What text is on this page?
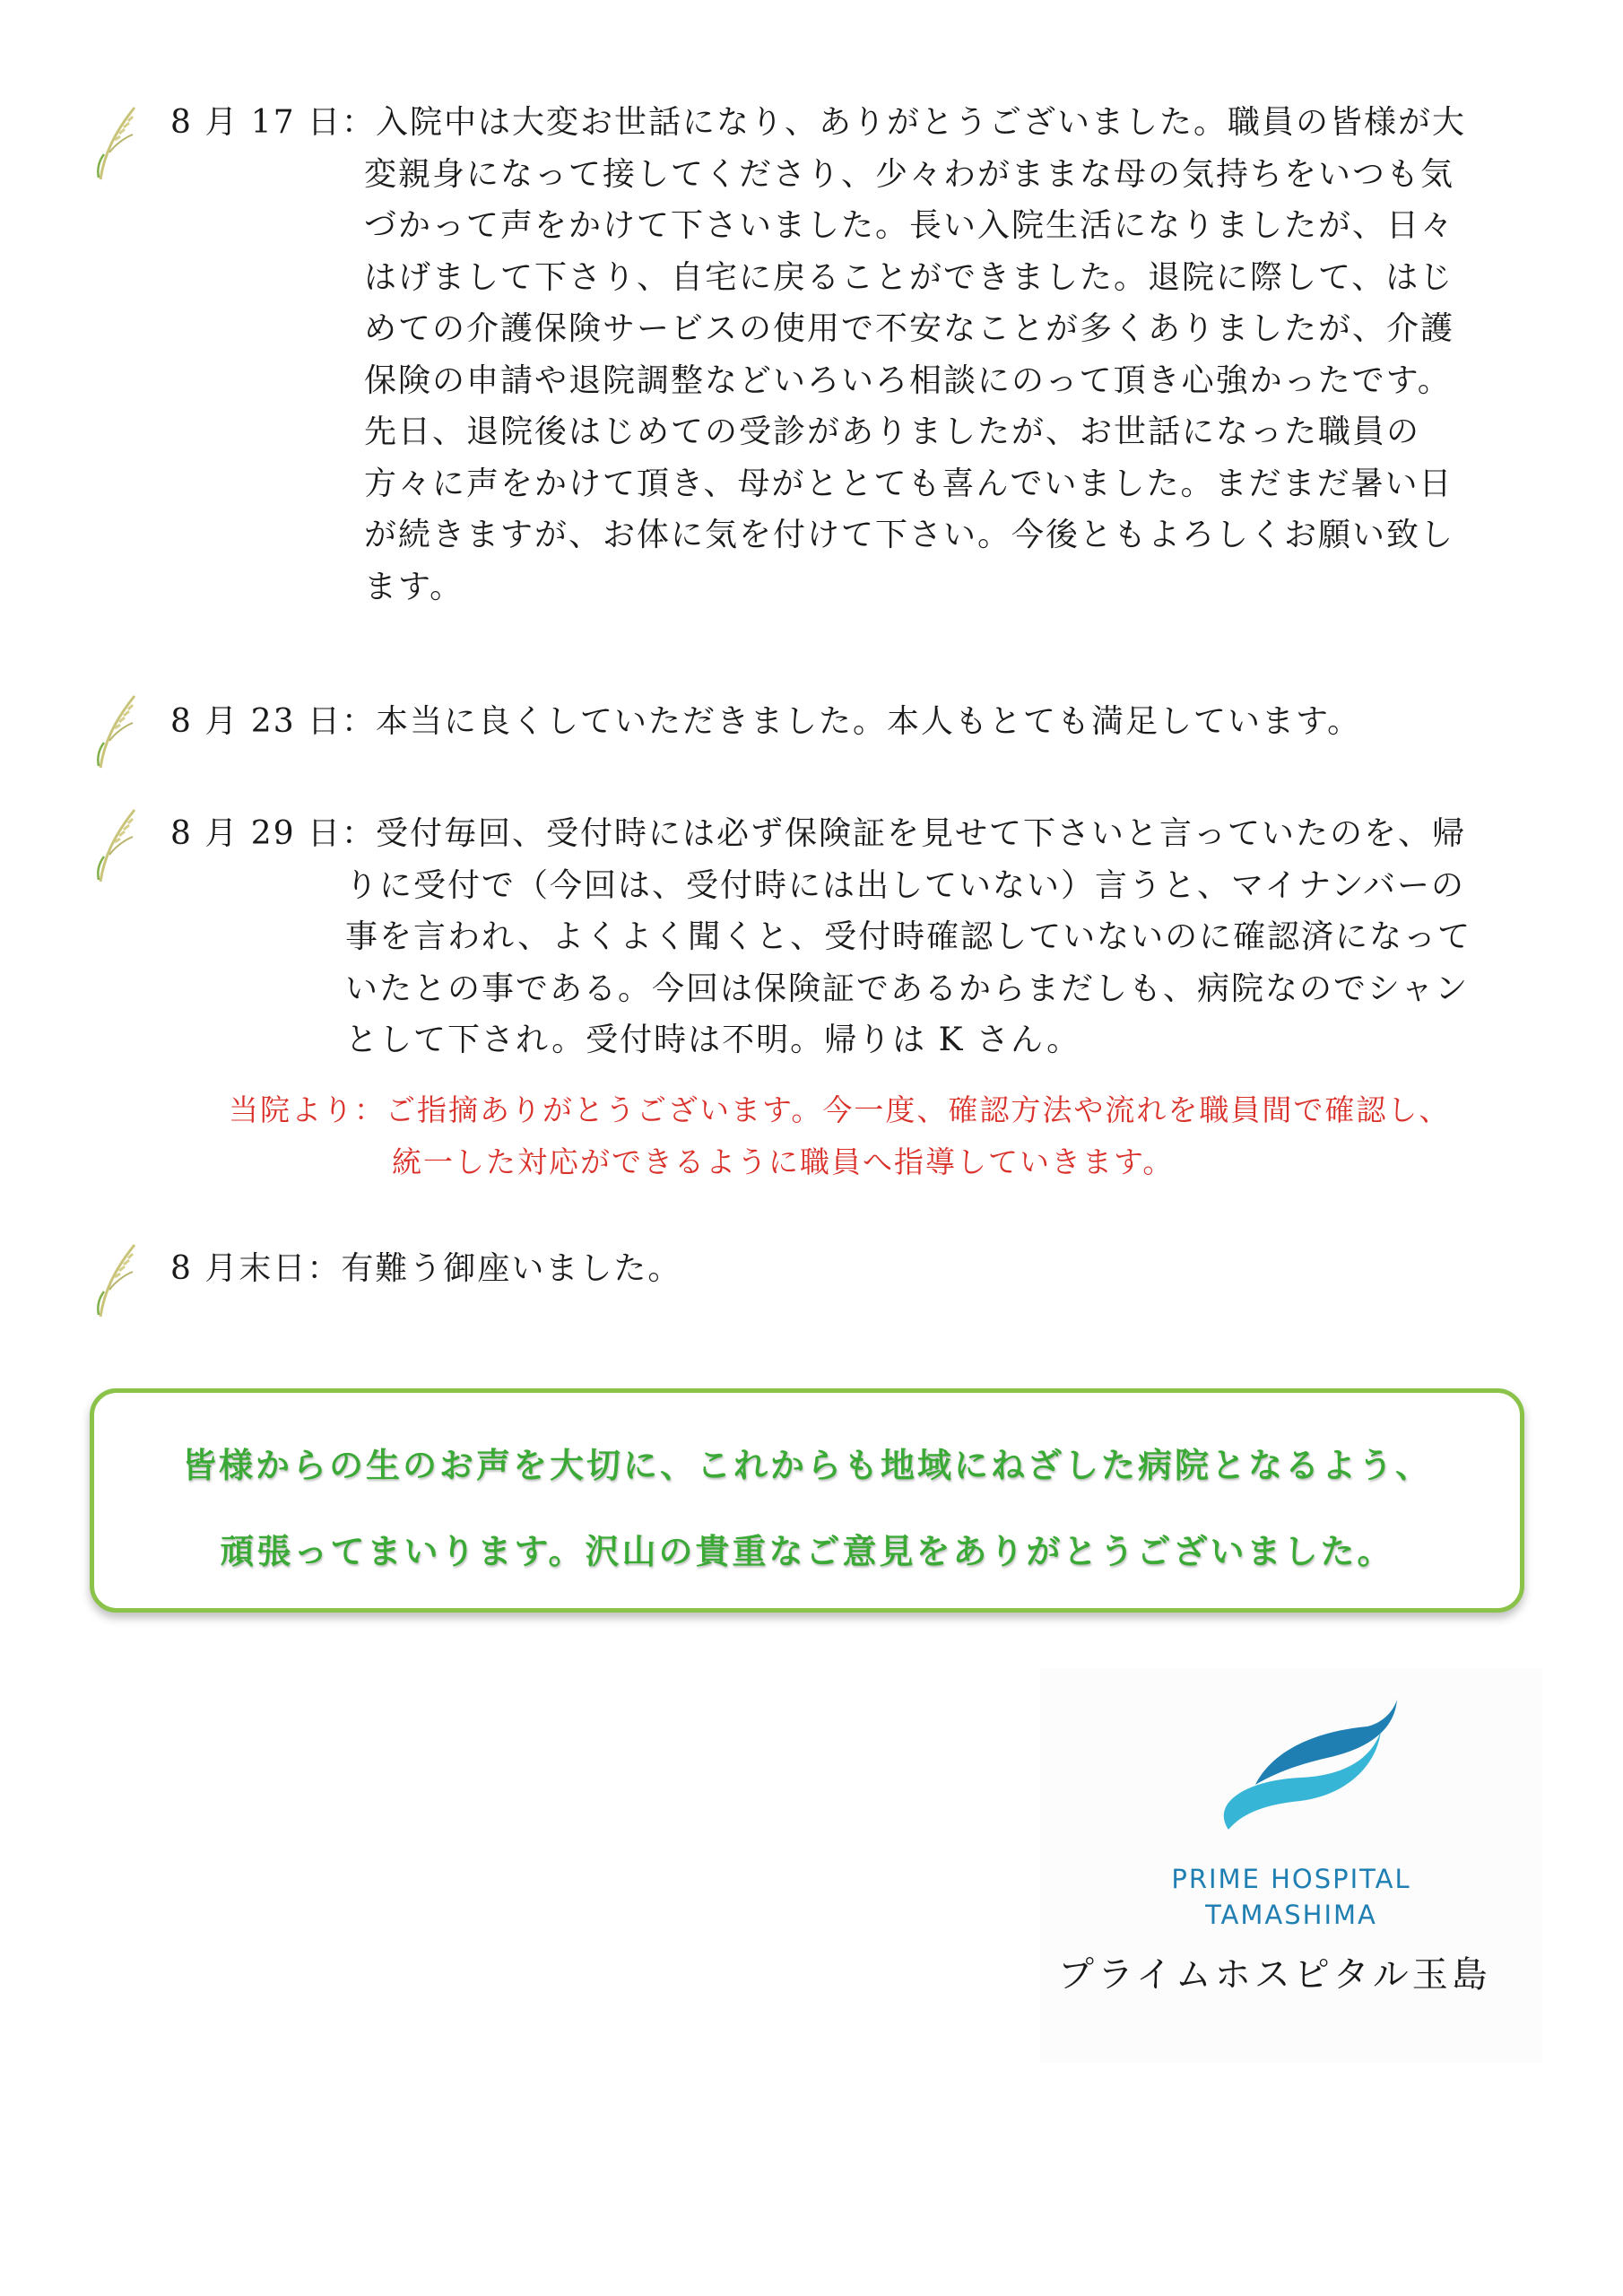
8 月 17 日：入院中は大変お世話になり、ありがとうございました。職員の皆様が大
変親身になって接してくださり、少々わがままな母の気持ちをいつも気
づかって声をかけて下さいました。長い入院生活になりましたが、日々
はげまして下さり、自宅に戻ることができました。退院に際して、はじ
めての介護保険サービスの使用で不安なことが多くありましたが、介護
保険の申請や退院調整などいろいろ相談にのって頂き心強かったです。
先日、退院後はじめての受診がありましたが、お世話になった職員の
方々に声をかけて頂き、母がととても喜んでいました。まだまだ暑い日
が続きますが、お体に気を付けて下さい。今後ともよろしくお願い致し
ます。
8 月 23 日：本当に良くしていただきました。本人もとても満足しています。
8 月 29 日：受付毎回、受付時には必ず保険証を見せて下さいと言っていたのを、帰
りに受付で（今回は、受付時には出していない）言うと、マイナンバーの
事を言われ、よくよく聞くと、受付時確認していないのに確認済になって
いたとの事である。今回は保険証であるからまだしも、病院なのでシャン
として下され。受付時は不明。帰りは K さん。
当院より：ご指摘ありがとうございます。今一度、確認方法や流れを職員間で確認し、
統一した対応ができるように職員へ指導していきます。
8 月末日：有難う御座いました。
皆様からの生のお声を大切に、これからも地域にねざした病院となるよう、
頑張ってまいります。沢山の貴重なご意見をありがとうございました。
PRIME HOSPITAL
TAMASHIMA
プライムホスピタル玉島
